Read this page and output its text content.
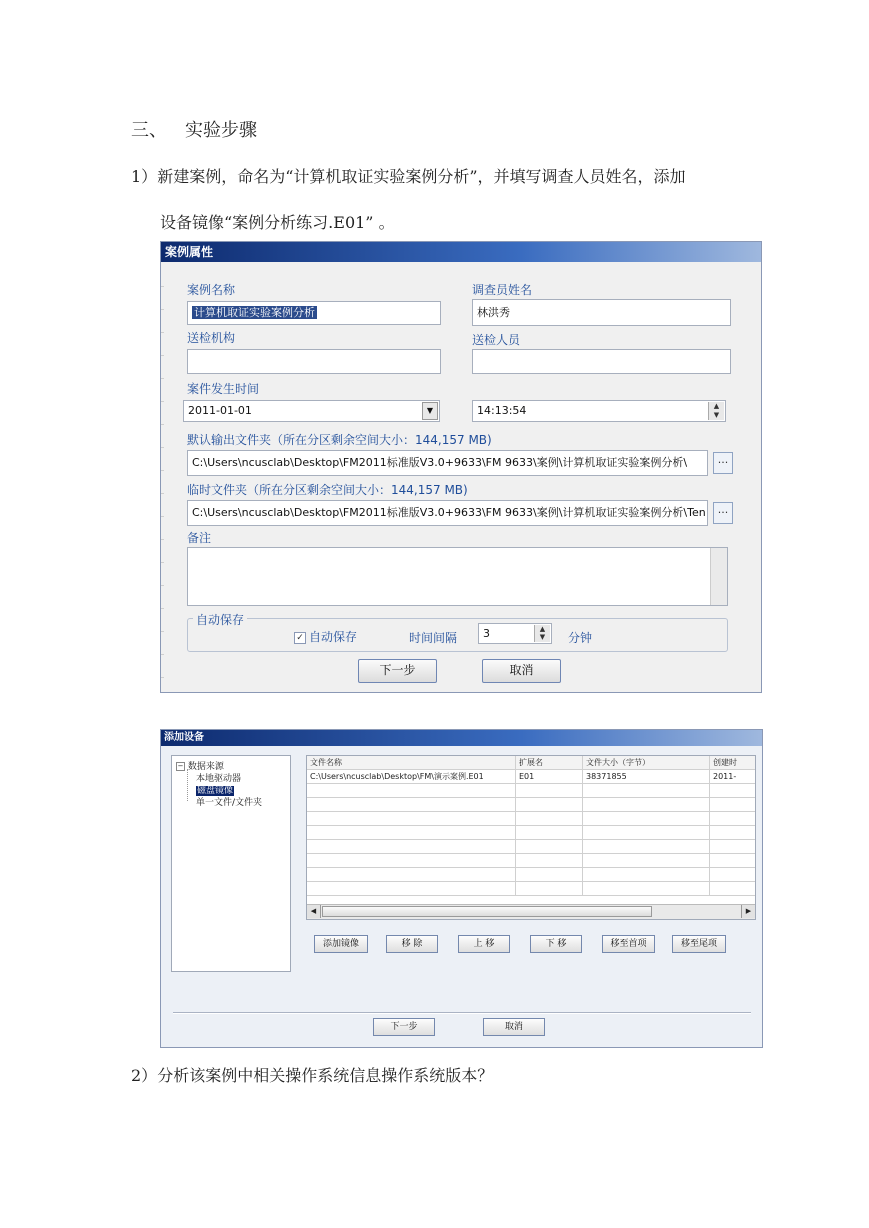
三、 实验步骤
1）新建案例，命名为“计算机取证实验案例分析”，并填写调查人员姓名，添加
设备镜像“案例分析练习.E01” 。
案例属性
案例名称
计算机取证实验案例分析
调查员姓名
林洪秀
送检机构	送检人员
案件发生时间
2011-01-01	▼	14:13:54	▲
▼
默认输出文件夹（所在分区剩余空间大小：144,157 MB)
C:\Users\ncusclab\Desktop\FM2011标准版V3.0+9633\FM 9633\案例\计算机取证实验案例分析\	...
临时文件夹（所在分区剩余空间大小：144,157 MB)
C:\Users\ncusclab\Desktop\FM2011标准版V3.0+9633\FM 9633\案例\计算机取证实验案例分析\Ten	...
备注
自动保存
✓ 自动保存	时间间隔	3	▲
▼	分钟
下一步	取消
添加设备
− 数据来源
本地驱动器
磁盘镜像
单一文件/文件夹
文件名称	扩展名	文件大小（字节）	创建时
C:\Users\ncusclab\Desktop\FM\演示案例.E01	E01	38371855	2011-
◀	▶
添加镜像	移 除	上 移	下 移	移至首项	移至尾项
下一步	取消
2）分析该案例中相关操作系统信息操作系统版本？
